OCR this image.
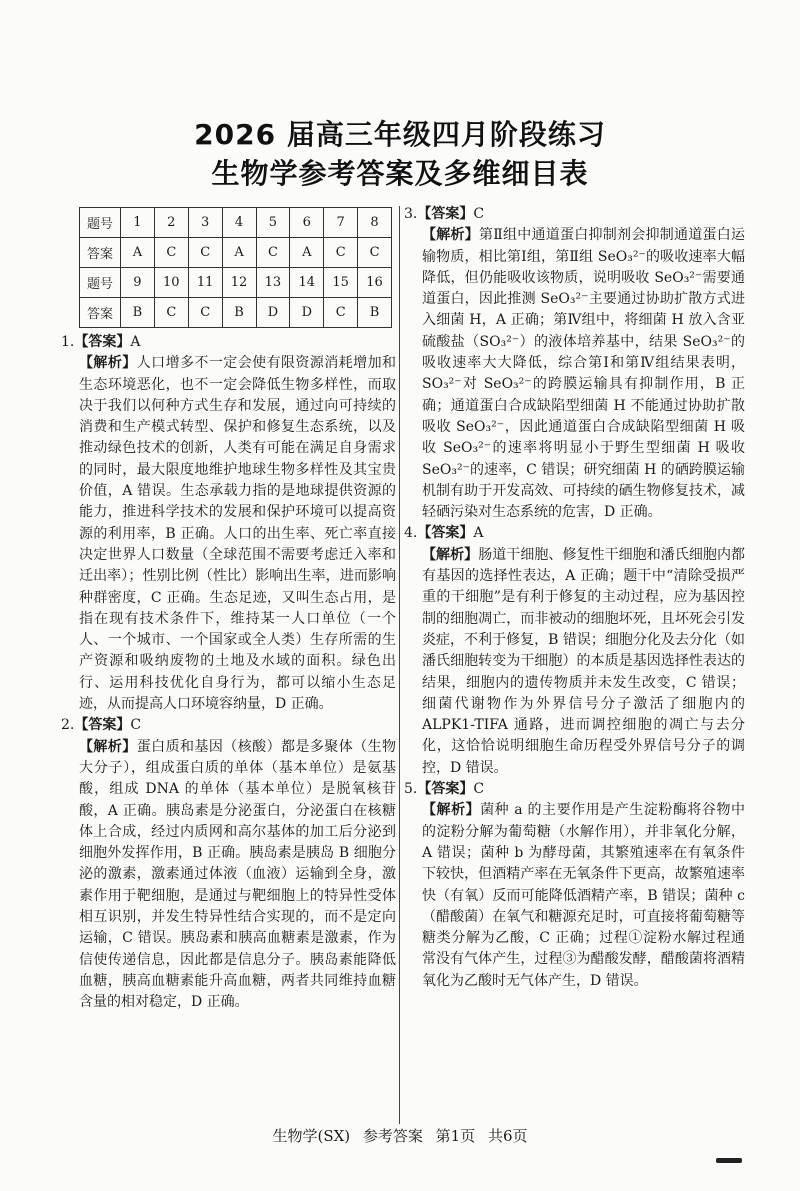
2026 届高三年级四月阶段练习
生物学参考答案及多维细目表
题号	1	2	3	4	5	6	7	8
答案	A	C	C	A	C	A	C	C
题号	9	10	11	12	13	14	15	16
答案	B	C	C	B	D	D	C	B
1.【答案】A
【解析】人口增多不一定会使有限资源消耗增加和生态环境恶化，也不一定会降低生物多样性，而取决于我们以何种方式生存和发展，通过向可持续的消费和生产模式转型、保护和修复生态系统，以及推动绿色技术的创新，人类有可能在满足自身需求的同时，最大限度地维护地球生物多样性及其宝贵价值，A 错误。生态承载力指的是地球提供资源的能力，推进科学技术的发展和保护环境可以提高资源的利用率，B 正确。人口的出生率、死亡率直接决定世界人口数量（全球范围不需要考虑迁入率和迁出率）；性别比例（性比）影响出生率，进而影响种群密度，C 正确。生态足迹，又叫生态占用，是指在现有技术条件下，维持某一人口单位（一个人、一个城市、一个国家或全人类）生存所需的生产资源和吸纳废物的土地及水域的面积。绿色出行、运用科技优化自身行为，都可以缩小生态足迹，从而提高人口环境容纳量，D 正确。
2.【答案】C
【解析】蛋白质和基因（核酸）都是多聚体（生物大分子），组成蛋白质的单体（基本单位）是氨基酸，组成 DNA 的单体（基本单位）是脱氧核苷酸，A 正确。胰岛素是分泌蛋白，分泌蛋白在核糖体上合成，经过内质网和高尔基体的加工后分泌到细胞外发挥作用，B 正确。胰岛素是胰岛 B 细胞分泌的激素，激素通过体液（血液）运输到全身，激素作用于靶细胞，是通过与靶细胞上的特异性受体相互识别，并发生特异性结合实现的，而不是定向运输，C 错误。胰岛素和胰高血糖素是激素，作为信使传递信息，因此都是信息分子。胰岛素能降低血糖，胰高血糖素能升高血糖，两者共同维持血糖含量的相对稳定，D 正确。
3.【答案】C
【解析】第Ⅱ组中通道蛋白抑制剂会抑制通道蛋白运输物质，相比第Ⅰ组，第Ⅱ组 SeO₃²⁻的吸收速率大幅降低，但仍能吸收该物质，说明吸收 SeO₃²⁻需要通道蛋白，因此推测 SeO₃²⁻主要通过协助扩散方式进入细菌 H，A 正确；第Ⅳ组中，将细菌 H 放入含亚硫酸盐（SO₃²⁻）的液体培养基中，结果 SeO₃²⁻的吸收速率大大降低，综合第Ⅰ和第Ⅳ组结果表明，SO₃²⁻对 SeO₃²⁻的跨膜运输具有抑制作用，B 正确；通道蛋白合成缺陷型细菌 H 不能通过协助扩散吸收 SeO₃²⁻，因此通道蛋白合成缺陷型细菌 H 吸收 SeO₃²⁻的速率将明显小于野生型细菌 H 吸收 SeO₃²⁻的速率，C 错误；研究细菌 H 的硒跨膜运输机制有助于开发高效、可持续的硒生物修复技术，减轻硒污染对生态系统的危害，D 正确。
4.【答案】A
【解析】肠道干细胞、修复性干细胞和潘氏细胞内都有基因的选择性表达，A 正确；题干中“清除受损严重的干细胞”是有利于修复的主动过程，应为基因控制的细胞凋亡，而非被动的细胞坏死，且坏死会引发炎症，不利于修复，B 错误；细胞分化及去分化（如潘氏细胞转变为干细胞）的本质是基因选择性表达的结果，细胞内的遗传物质并未发生改变，C 错误；细菌代谢物作为外界信号分子激活了细胞内的 ALPK1-TIFA 通路，进而调控细胞的凋亡与去分化，这恰恰说明细胞生命历程受外界信号分子的调控，D 错误。
5.【答案】C
【解析】菌种 a 的主要作用是产生淀粉酶将谷物中的淀粉分解为葡萄糖（水解作用），并非氧化分解，A 错误；菌种 b 为酵母菌，其繁殖速率在有氧条件下较快，但酒精产率在无氧条件下更高，故繁殖速率快（有氧）反而可能降低酒精产率，B 错误；菌种 c（醋酸菌）在氧气和糖源充足时，可直接将葡萄糖等糖类分解为乙酸，C 正确；过程①淀粉水解过程通常没有气体产生，过程③为醋酸发酵，醋酸菌将酒精氧化为乙酸时无气体产生，D 错误。
生物学(SX) 参考答案 第1页 共6页
